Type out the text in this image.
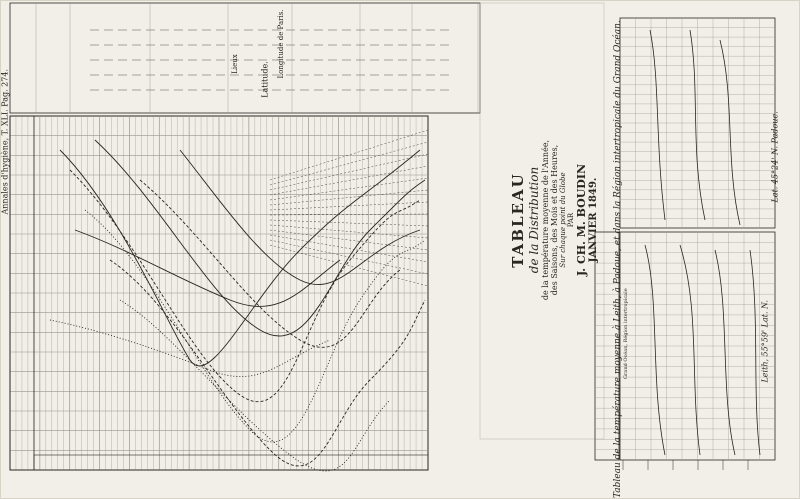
Annales d'hygiène, T. XLI. Pag. 274.
TABLEAU de la Distribution de la température moyenne de l'Année, des Saisons, des Mois et des Heures, Sur chaque point du Globe PAR J. CH. M. BOUDIN JANVIER 1849. Tableau de la température moyenne à Leith, à Padoue, et dans la Région intertropicale du Grand Océan.
Lieux	Latitude.
Longitude de Paris.
Grand Océan, Région intertropicale	Leith, 55°59' Lat. N.
Lat. 45°24' N. Padoue.
